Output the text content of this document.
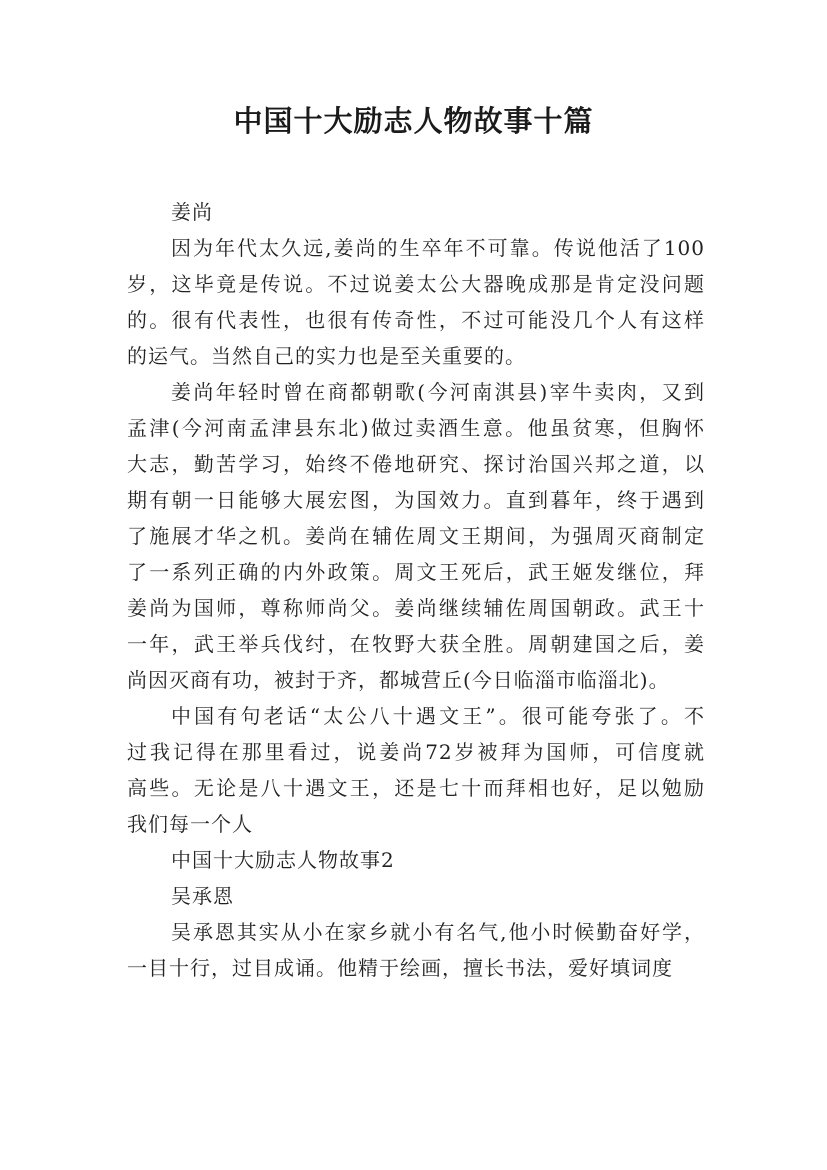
中国十大励志人物故事十篇
姜尚
因为年代太久远,姜尚的生卒年不可靠。传说他活了100
岁，这毕竟是传说。不过说姜太公大器晚成那是肯定没问题
的。很有代表性，也很有传奇性，不过可能没几个人有这样
的运气。当然自己的实力也是至关重要的。
姜尚年轻时曾在商都朝歌(今河南淇县)宰牛卖肉，又到
孟津(今河南孟津县东北)做过卖酒生意。他虽贫寒，但胸怀
大志，勤苦学习，始终不倦地研究、探讨治国兴邦之道，以
期有朝一日能够大展宏图，为国效力。直到暮年，终于遇到
了施展才华之机。姜尚在辅佐周文王期间，为强周灭商制定
了一系列正确的内外政策。周文王死后，武王姬发继位，拜
姜尚为国师，尊称师尚父。姜尚继续辅佐周国朝政。武王十
一年，武王举兵伐纣，在牧野大获全胜。周朝建国之后，姜
尚因灭商有功，被封于齐，都城营丘(今日临淄市临淄北)。
中国有句老话“太公八十遇文王”。很可能夸张了。不
过我记得在那里看过，说姜尚72岁被拜为国师，可信度就
高些。无论是八十遇文王，还是七十而拜相也好，足以勉励
我们每一个人
中国十大励志人物故事2
吴承恩
吴承恩其实从小在家乡就小有名气,他小时候勤奋好学，
一目十行，过目成诵。他精于绘画，擅长书法，爱好填词度
